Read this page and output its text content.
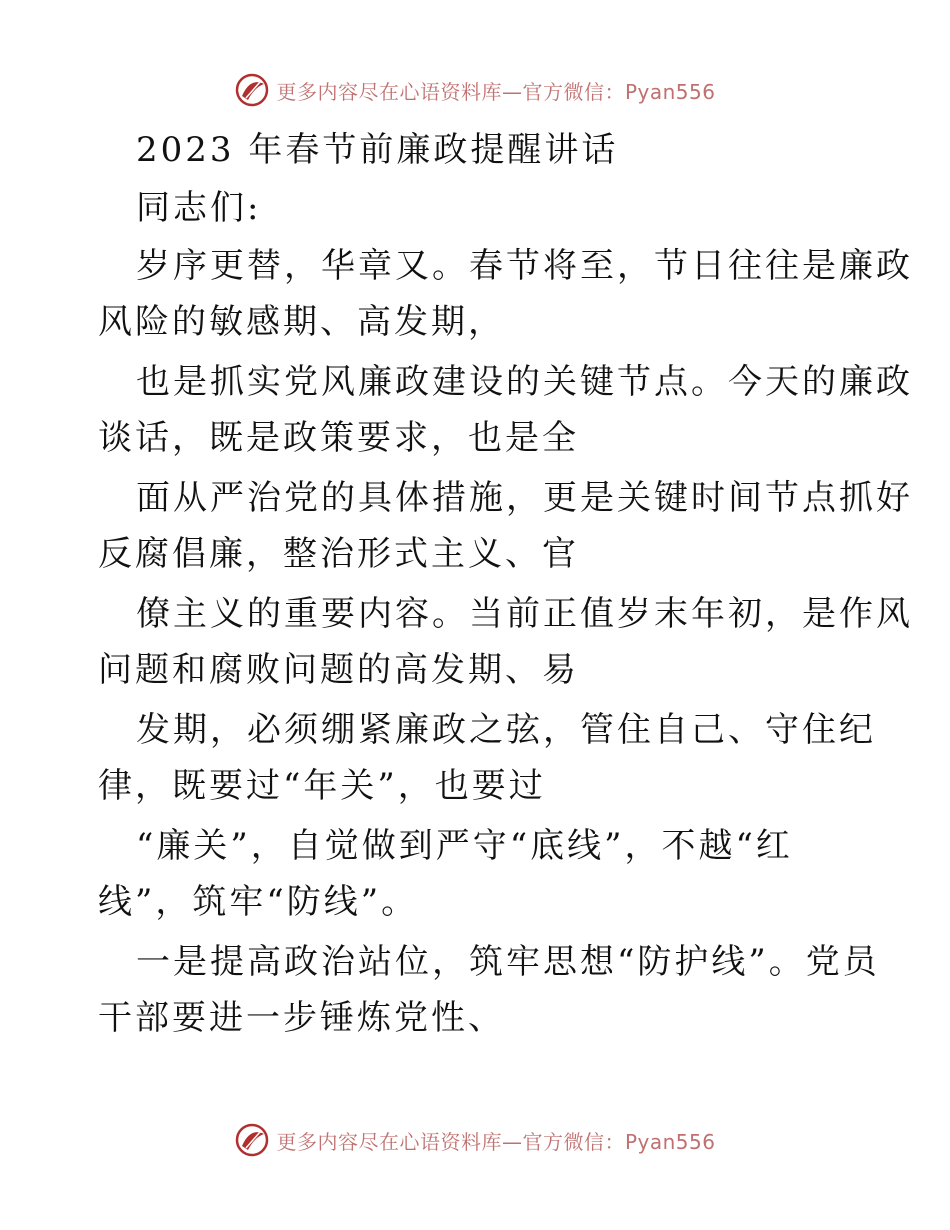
更多内容尽在心语资料库—官方微信：Pyan556
2023 年春节前廉政提醒讲话
同志们:
岁序更替，华章又。春节将至，节日往往是廉政
风险的敏感期、高发期，
也是抓实党风廉政建设的关键节点。今天的廉政
谈话，既是政策要求，也是全
面从严治党的具体措施，更是关键时间节点抓好
反腐倡廉，整治形式主义、官
僚主义的重要内容。当前正值岁末年初，是作风
问题和腐败问题的高发期、易
发期，必须绷紧廉政之弦，管住自己、守住纪
律，既要过“年关”，也要过
“廉关”，自觉做到严守“底线”，不越“红
线”，筑牢“防线”。
一是提高政治站位，筑牢思想“防护线”。党员
干部要进一步锤炼党性、
更多内容尽在心语资料库—官方微信：Pyan556
